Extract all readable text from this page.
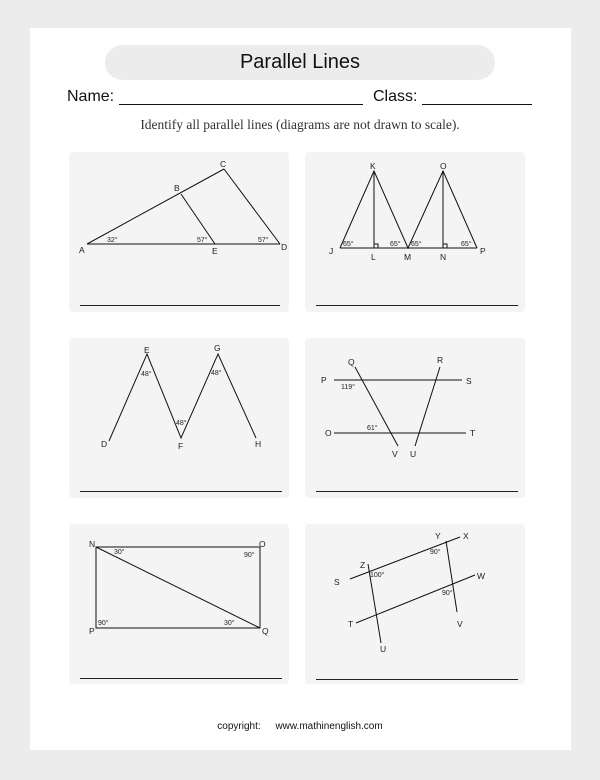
Parallel Lines
Name:	Class:
Identify all parallel lines (diagrams are not drawn to scale).
A
B
C
D
E
32°	57°	57°
K	O
J
L	M	N
P
65°	65° 65°	65°
E	G
D	F	H
48°
48°
48°
Q	R
P	S
O	T
V U
119°
61°
N	O
P	Q
30°	90°
90°	30°
Y	X
Z
S
W
T	V
U
90°
100°
90°
copyright: www.mathinenglish.com
